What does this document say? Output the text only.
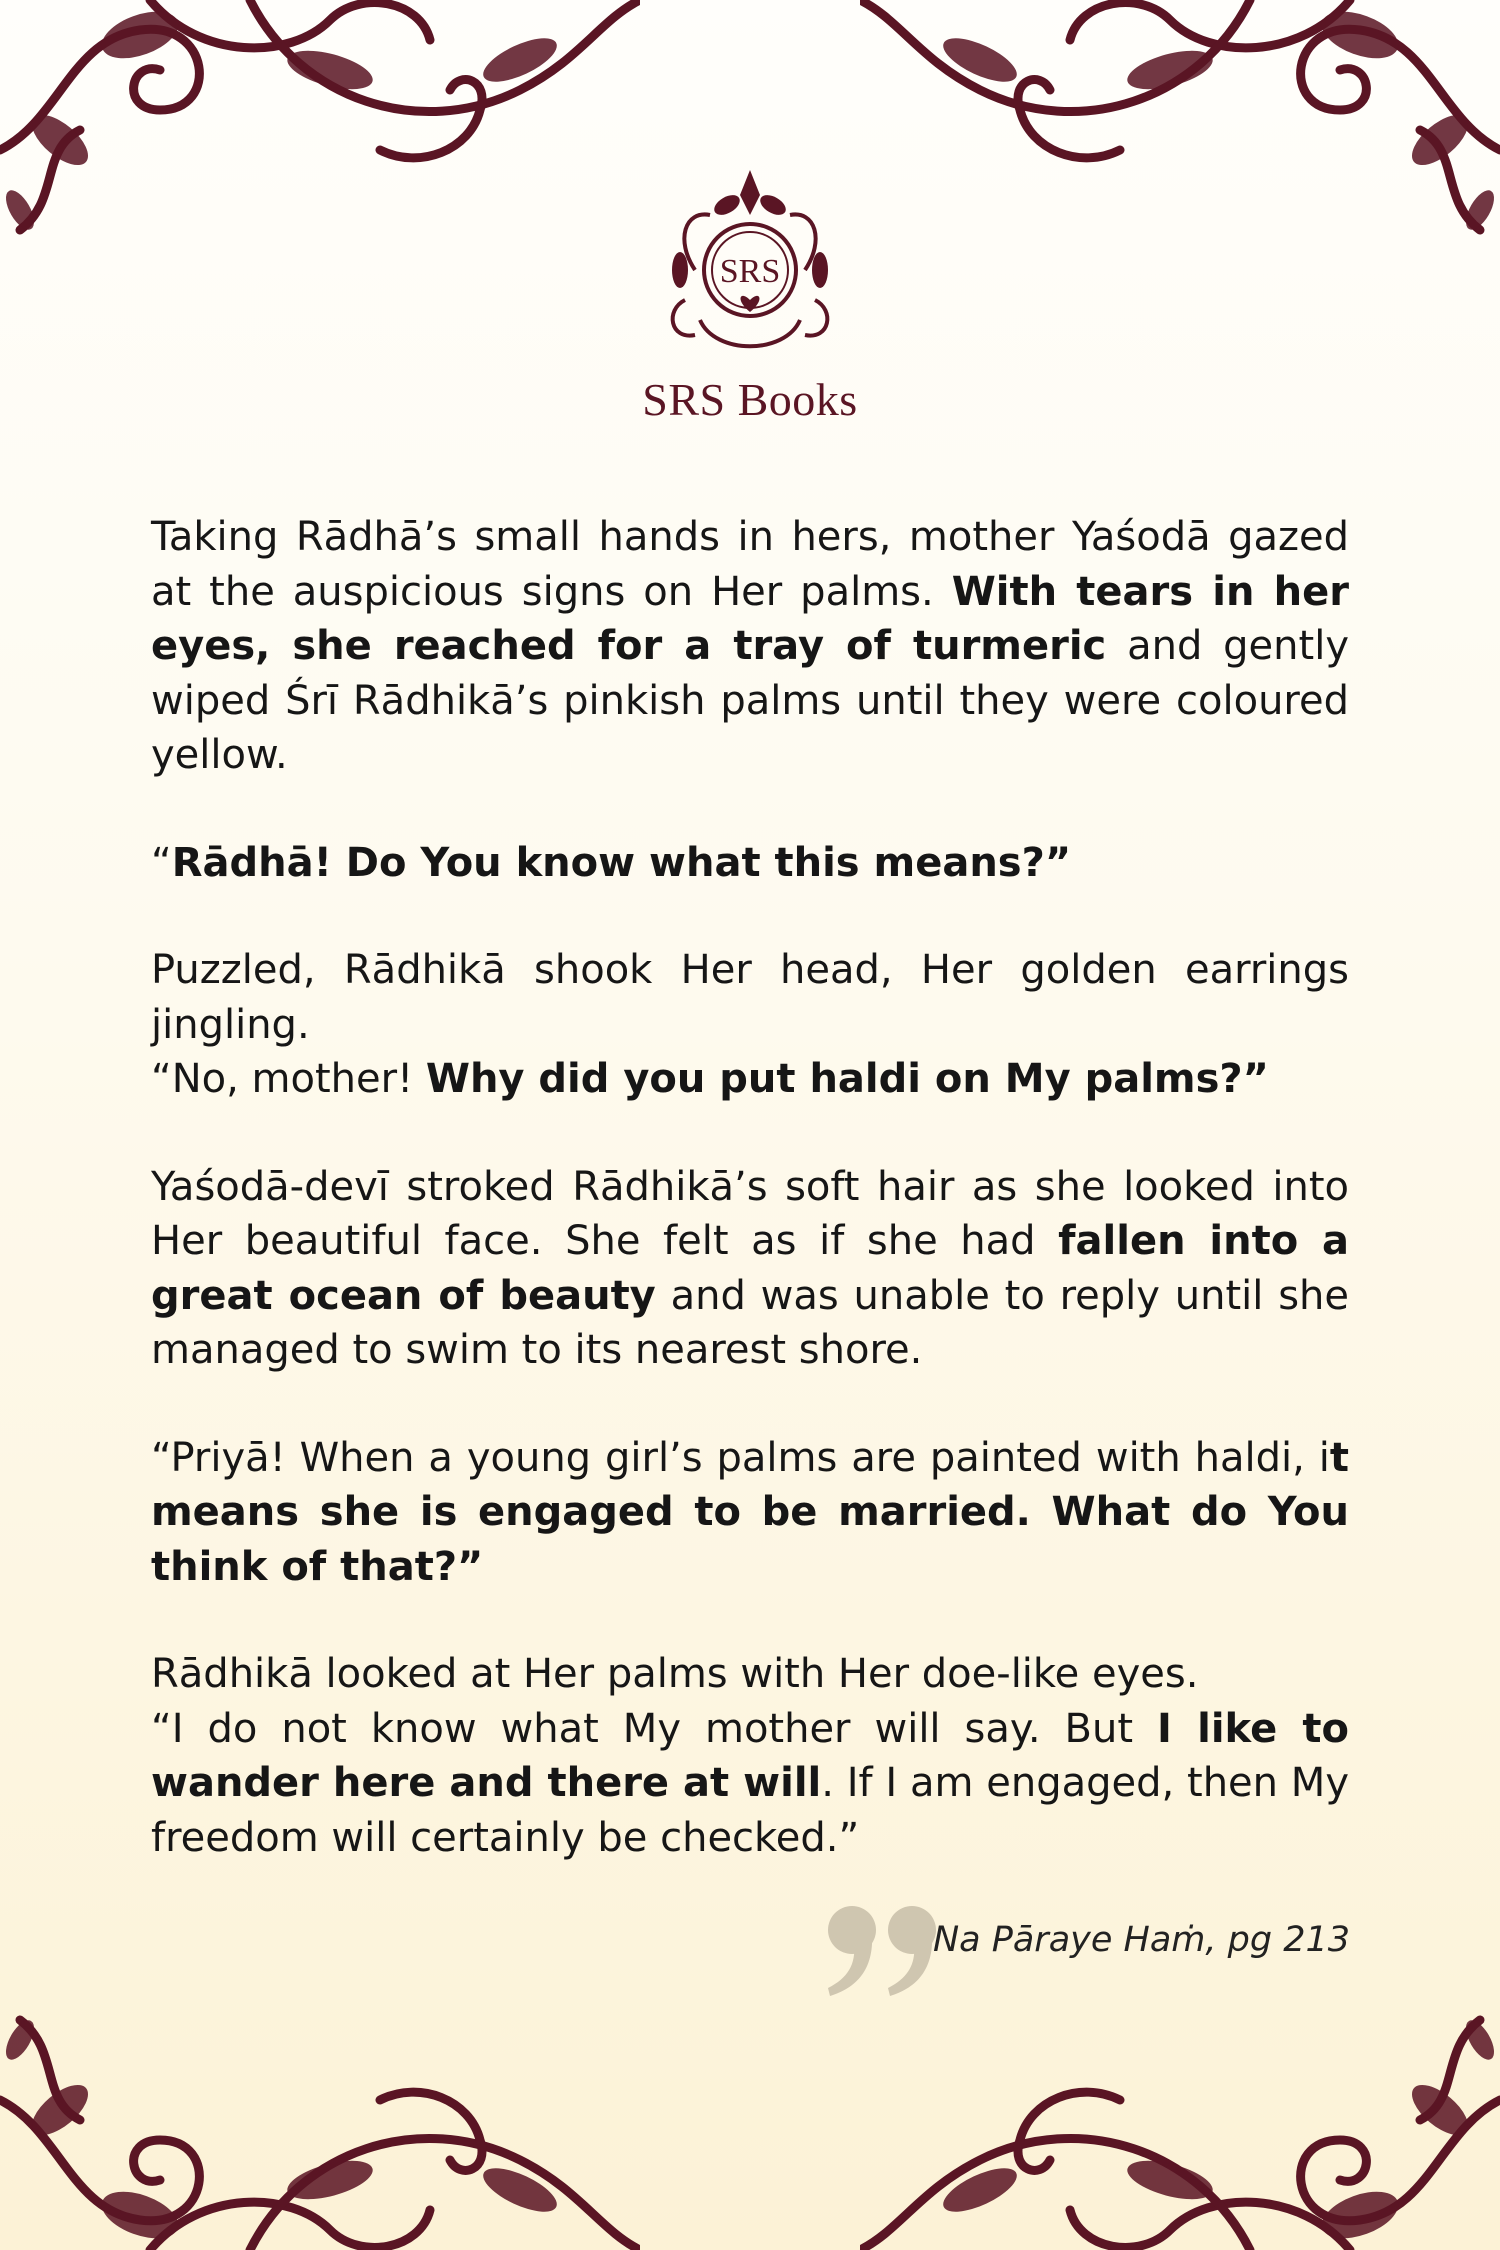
SRS
SRS Books

Taking Rādhā’s small hands in hers, mother Yaśodā gazed at the auspicious signs on Her palms. With tears in her eyes, she reached for a tray of turmeric and gently wiped Śrī Rādhikā’s pinkish palms until they were coloured yellow.

“Rādhā! Do You know what this means?”

Puzzled, Rādhikā shook Her head, Her golden earrings jingling.
“No, mother! Why did you put haldi on My palms?”

Yaśodā-devī stroked Rādhikā’s soft hair as she looked into Her beautiful face. She felt as if she had fallen into a great ocean of beauty and was unable to reply until she managed to swim to its nearest shore.

“Priyā! When a young girl’s palms are painted with haldi, it means she is engaged to be married. What do You think of that?”

Rādhikā looked at Her palms with Her doe-like eyes.
“I do not know what My mother will say. But I like to wander here and there at will. If I am engaged, then My freedom will certainly be checked.”

Na Pāraye Haṁ, pg 213
